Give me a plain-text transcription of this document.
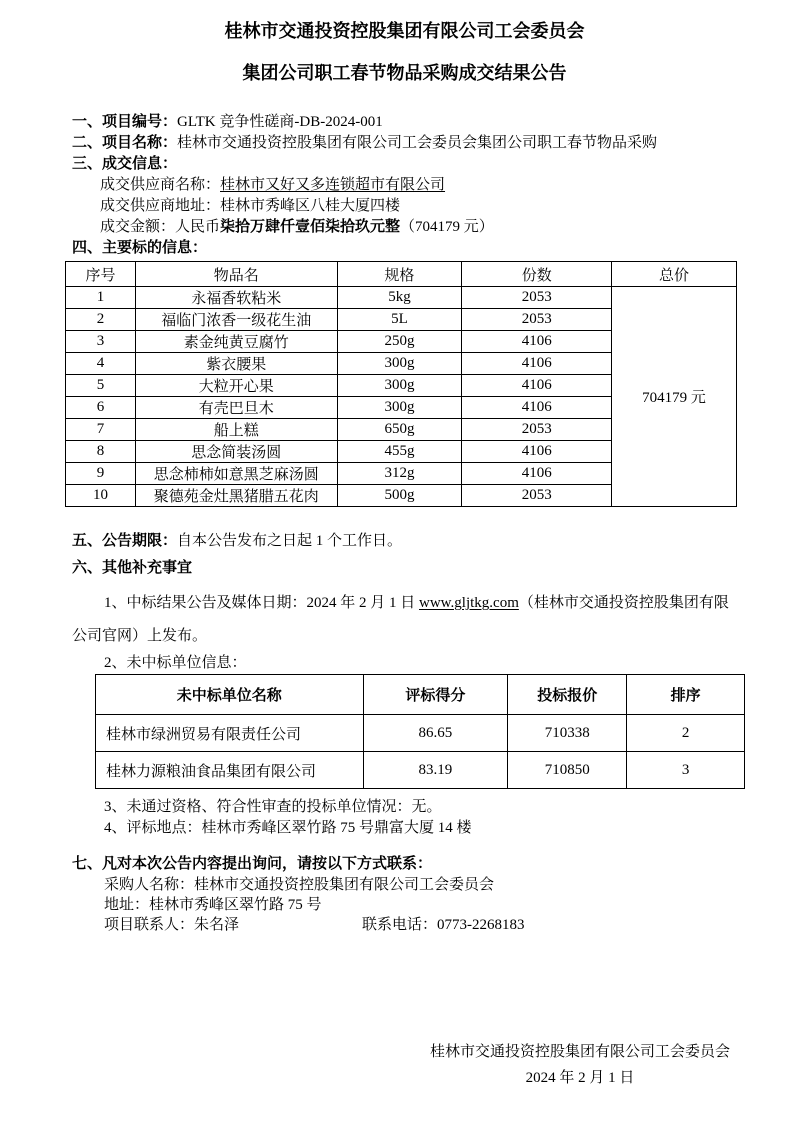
桂林市交通投资控股集团有限公司工会委员会

集团公司职工春节物品采购成交结果公告

一、项目编号：GLTK 竞争性磋商-DB-2024-001

二、项目名称：桂林市交通投资控股集团有限公司工会委员会集团公司职工春节物品采购

三、成交信息：

成交供应商名称：桂林市又好又多连锁超市有限公司

成交供应商地址：桂林市秀峰区八桂大厦四楼

成交金额：人民币柒拾万肆仟壹佰柒拾玖元整（704179 元）

四、主要标的信息：

序号	物品名	规格	份数	总价
1	永福香软粘米	5kg	2053	704179 元
2	福临门浓香一级花生油	5L	2053	
3	素金纯黄豆腐竹	250g	4106	
4	紫衣腰果	300g	4106	
5	大粒开心果	300g	4106	
6	有壳巴旦木	300g	4106	
7	船上糕	650g	2053	
8	思念简装汤圆	455g	4106	
9	思念柿柿如意黑芝麻汤圆	312g	4106	
10	聚德苑金灶黑猪腊五花肉	500g	2053	

五、公告期限：自本公告发布之日起 1 个工作日。

六、其他补充事宜

1、中标结果公告及媒体日期：2024 年 2 月 1 日 www.gljtkg.com（桂林市交通投资控股集团有限公司官网）上发布。

2、未中标单位信息：

未中标单位名称	评标得分	投标报价	排序
桂林市绿洲贸易有限责任公司	86.65	710338	2
桂林力源粮油食品集团有限公司	83.19	710850	3

3、未通过资格、符合性审查的投标单位情况：无。

4、评标地点：桂林市秀峰区翠竹路 75 号鼎富大厦 14 楼

七、凡对本次公告内容提出询问，请按以下方式联系：

采购人名称：桂林市交通投资控股集团有限公司工会委员会

地址：桂林市秀峰区翠竹路 75 号

项目联系人：朱名泽	联系电话：0773-2268183

桂林市交通投资控股集团有限公司工会委员会

2024 年 2 月 1 日
